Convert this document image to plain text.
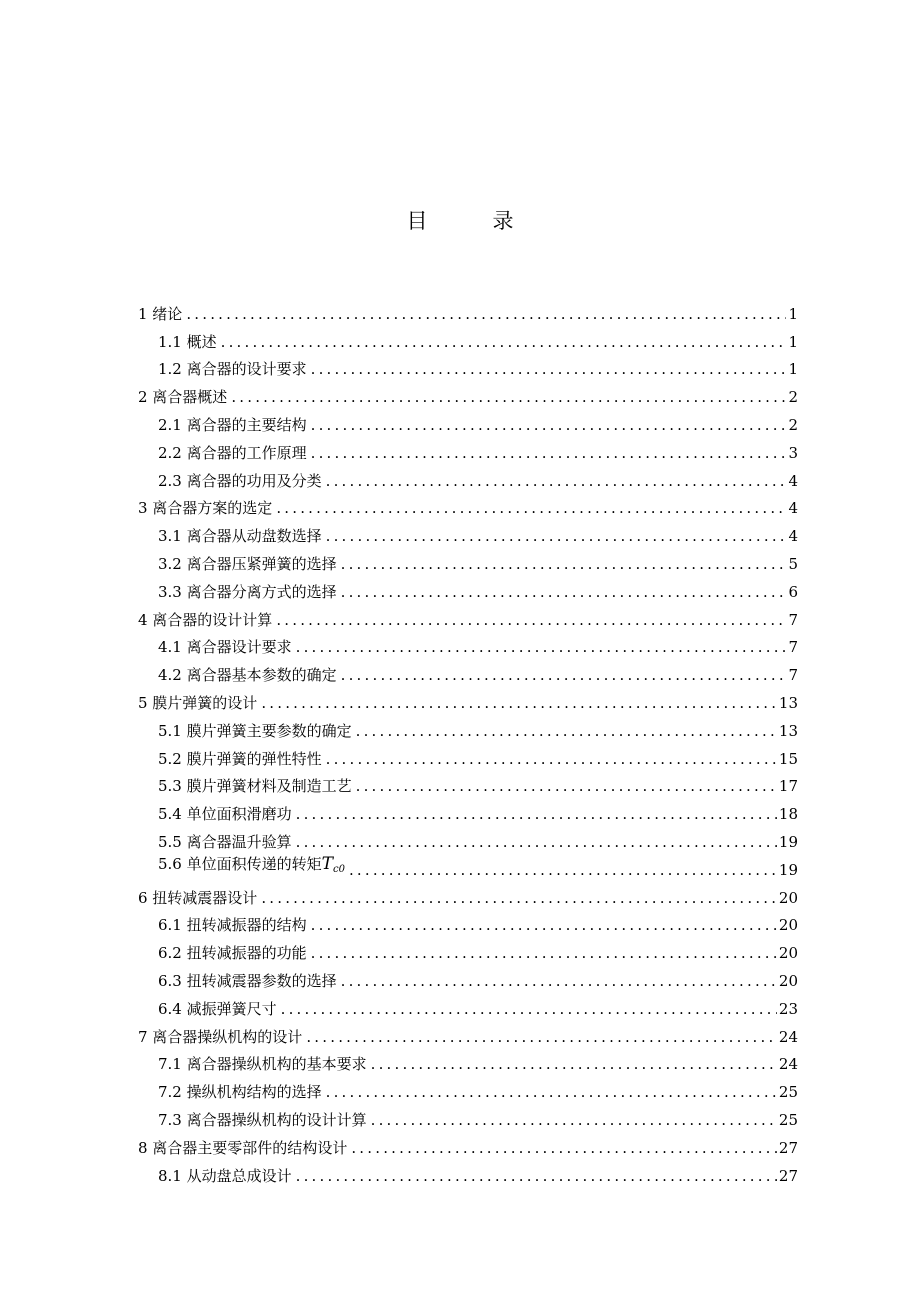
目　录
1 绪论 .....	1
1.1 概述 .....	1
1.2 离合器的设计要求 .....	1
2 离合器概述 .....	2
2.1 离合器的主要结构 .....	2
2.2 离合器的工作原理 .....	3
2.3 离合器的功用及分类 .....	4
3 离合器方案的选定 .....	4
3.1 离合器从动盘数选择 .....	4
3.2 离合器压紧弹簧的选择 .....	5
3.3 离合器分离方式的选择 .....	6
4 离合器的设计计算 .....	7
4.1 离合器设计要求 .....	7
4.2 离合器基本参数的确定 .....	7
5 膜片弹簧的设计 .....	13
5.1 膜片弹簧主要参数的确定 .....	13
5.2 膜片弹簧的弹性特性 .....	15
5.3 膜片弹簧材料及制造工艺 .....	17
5.4 单位面积滑磨功 .....	18
5.5 离合器温升验算 .....	19
5.6 单位面积传递的转矩$T_{c0}$ .....	19
6 扭转减震器设计 .....	20
6.1 扭转减振器的结构 .....	20
6.2 扭转减振器的功能 .....	20
6.3 扭转减震器参数的选择 .....	20
6.4 减振弹簧尺寸 .....	23
7 离合器操纵机构的设计 .....	24
7.1 离合器操纵机构的基本要求 .....	24
7.2 操纵机构结构的选择 .....	25
7.3 离合器操纵机构的设计计算 .....	25
8 离合器主要零部件的结构设计 .....	27
8.1 从动盘总成设计 .....	27
